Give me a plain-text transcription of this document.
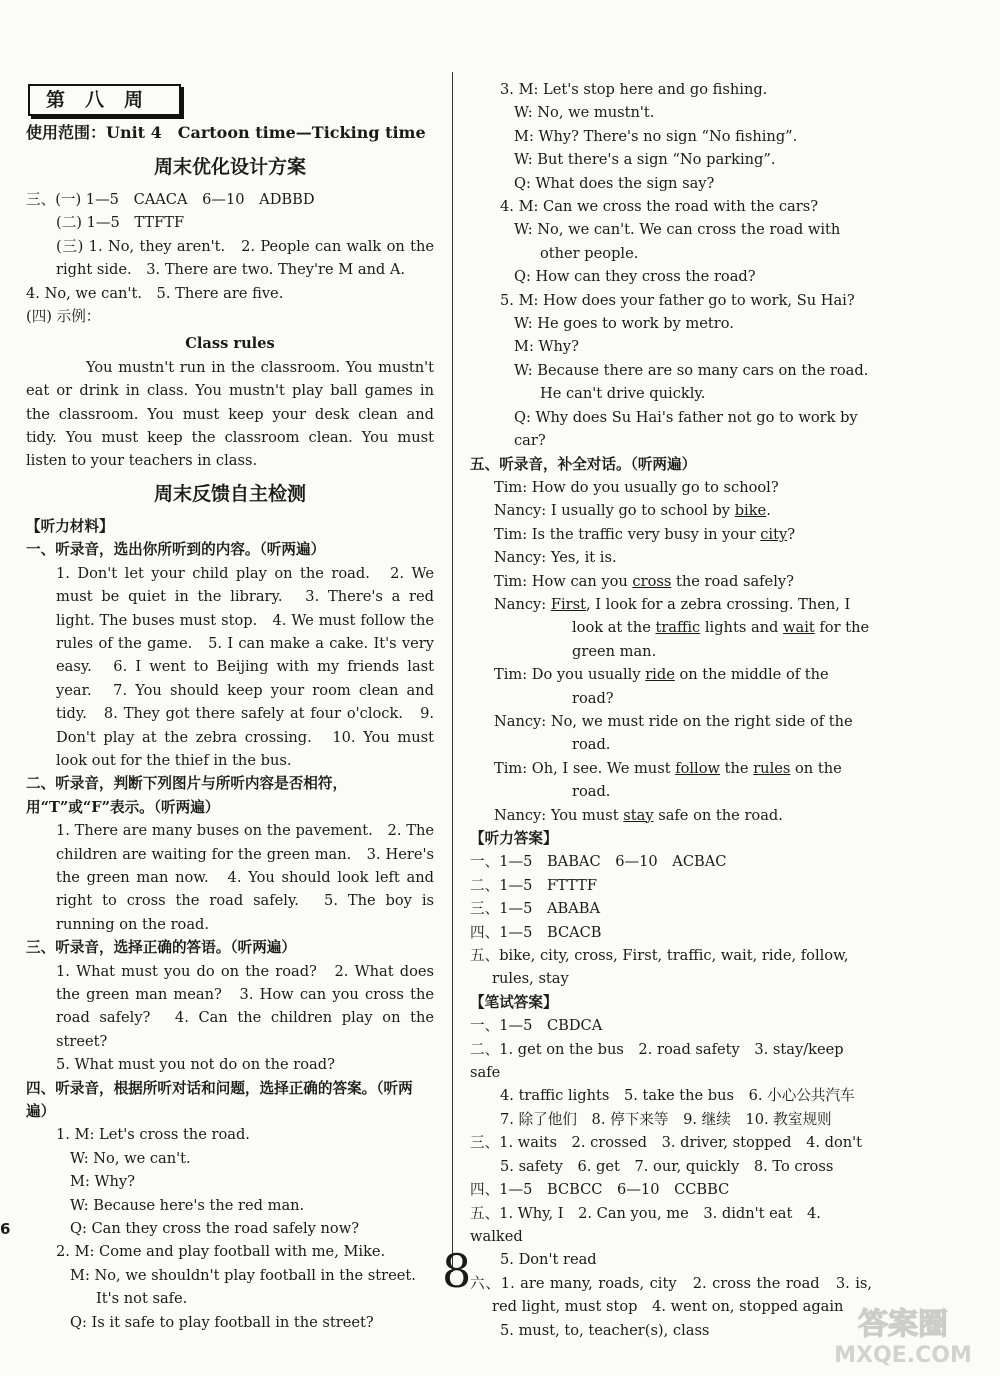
第八周
使用范围：Unit 4　Cartoon time—Ticking time
周末优化设计方案
三、(一) 1—5　CAACA　6—10　ADBBD
(二) 1—5　TTFTF
(三) 1. No, they aren't.　2. People can walk on the right side.　3. There are two. They're M and A.
4. No, we can't.　5. There are five.
(四) 示例：
Class rules
You mustn't run in the classroom. You mustn't eat or drink in class. You mustn't play ball games in the classroom. You must keep your desk clean and tidy. You must keep the classroom clean. You must listen to your teachers in class.
周末反馈自主检测
【听力材料】
一、听录音，选出你所听到的内容。（听两遍）
1. Don't let your child play on the road.　2. We must be quiet in the library.　3. There's a red light. The buses must stop.　4. We must follow the rules of the game.　5. I can make a cake. It's very easy.　6. I went to Beijing with my friends last year.　7. You should keep your room clean and tidy.　8. They got there safely at four o'clock.　9. Don't play at the zebra crossing.　10. You must look out for the thief in the bus.
二、听录音，判断下列图片与所听内容是否相符，用“T”或“F”表示。（听两遍）
1. There are many buses on the pavement.　2. The children are waiting for the green man.　3. Here's the green man now.　4. You should look left and right to cross the road safely.　5. The boy is running on the road.
三、听录音，选择正确的答语。（听两遍）
1. What must you do on the road?　2. What does the green man mean?　3. How can you cross the road safely?　4. Can the children play on the street?
5. What must you not do on the road?
四、听录音，根据所听对话和问题，选择正确的答案。（听两遍）
1. M: Let's cross the road.
W: No, we can't.
M: Why?
W: Because here's the red man.
Q: Can they cross the road safely now?
2. M: Come and play football with me, Mike.
M: No, we shouldn't play football in the street. It's not safe.
Q: Is it safe to play football in the street?
3. M: Let's stop here and go fishing.
W: No, we mustn't.
M: Why? There's no sign “No fishing”.
W: But there's a sign “No parking”.
Q: What does the sign say?
4. M: Can we cross the road with the cars?
W: No, we can't. We can cross the road with other people.
Q: How can they cross the road?
5. M: How does your father go to work, Su Hai?
W: He goes to work by metro.
M: Why?
W: Because there are so many cars on the road. He can't drive quickly.
Q: Why does Su Hai's father not go to work by car?
五、听录音，补全对话。（听两遍）
Tim: How do you usually go to school?
Nancy: I usually go to school by bike.
Tim: Is the traffic very busy in your city?
Nancy: Yes, it is.
Tim: How can you cross the road safely?
Nancy: First, I look for a zebra crossing. Then, I look at the traffic lights and wait for the green man.
Tim: Do you usually ride on the middle of the road?
Nancy: No, we must ride on the right side of the road.
Tim: Oh, I see. We must follow the rules on the road.
Nancy: You must stay safe on the road.
【听力答案】
一、1—5　BABAC　6—10　ACBAC
二、1—5　FTTTF
三、1—5　ABABA
四、1—5　BCACB
五、bike, city, cross, First, traffic, wait, ride, follow, rules, stay
【笔试答案】
一、1—5　CBDCA
二、1. get on the bus　2. road safety　3. stay/keep safe
4. traffic lights　5. take the bus　6. 小心公共汽车
7. 除了他们　8. 停下来等　9. 继续　10. 教室规则
三、1. waits　2. crossed　3. driver, stopped　4. don't
5. safety　6. get　7. our, quickly　8. To cross
四、1—5　BCBCC　6—10　CCBBC
五、1. Why, I　2. Can you, me　3. didn't eat　4. walked
5. Don't read
六、1. are many, roads, city　2. cross the road　3. is, red light, must stop　4. went on, stopped again
5. must, to, teacher(s), class
6
8
答案圈
MXQE.COM
